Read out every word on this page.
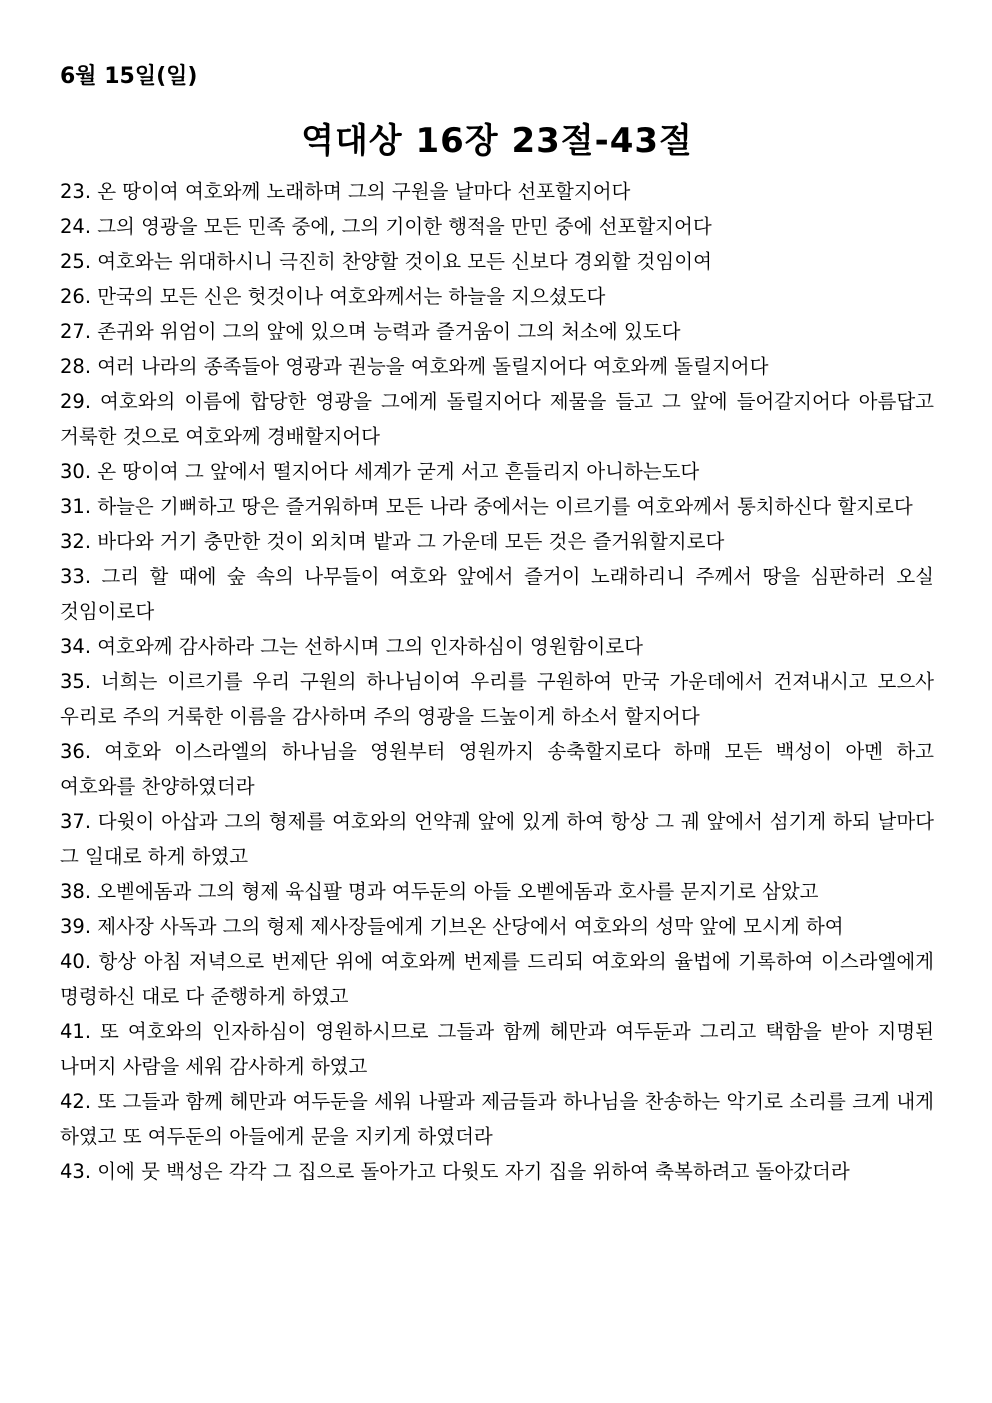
6월 15일(일)

역대상 16장 23절-43절

23. 온 땅이여 여호와께 노래하며 그의 구원을 날마다 선포할지어다

24. 그의 영광을 모든 민족 중에, 그의 기이한 행적을 만민 중에 선포할지어다

25. 여호와는 위대하시니 극진히 찬양할 것이요 모든 신보다 경외할 것임이여

26. 만국의 모든 신은 헛것이나 여호와께서는 하늘을 지으셨도다

27. 존귀와 위엄이 그의 앞에 있으며 능력과 즐거움이 그의 처소에 있도다

28. 여러 나라의 종족들아 영광과 권능을 여호와께 돌릴지어다 여호와께 돌릴지어다

29. 여호와의 이름에 합당한 영광을 그에게 돌릴지어다 제물을 들고 그 앞에 들어갈지어다 아름답고 거룩한 것으로 여호와께 경배할지어다

30. 온 땅이여 그 앞에서 떨지어다 세계가 굳게 서고 흔들리지 아니하는도다

31. 하늘은 기뻐하고 땅은 즐거워하며 모든 나라 중에서는 이르기를 여호와께서 통치하신다 할지로다

32. 바다와 거기 충만한 것이 외치며 밭과 그 가운데 모든 것은 즐거워할지로다

33. 그리 할 때에 숲 속의 나무들이 여호와 앞에서 즐거이 노래하리니 주께서 땅을 심판하러 오실 것임이로다

34. 여호와께 감사하라 그는 선하시며 그의 인자하심이 영원함이로다

35. 너희는 이르기를 우리 구원의 하나님이여 우리를 구원하여 만국 가운데에서 건져내시고 모으사 우리로 주의 거룩한 이름을 감사하며 주의 영광을 드높이게 하소서 할지어다

36. 여호와 이스라엘의 하나님을 영원부터 영원까지 송축할지로다 하매 모든 백성이 아멘 하고 여호와를 찬양하였더라

37. 다윗이 아삽과 그의 형제를 여호와의 언약궤 앞에 있게 하여 항상 그 궤 앞에서 섬기게 하되 날마다 그 일대로 하게 하였고

38. 오벧에돔과 그의 형제 육십팔 명과 여두둔의 아들 오벧에돔과 호사를 문지기로 삼았고

39. 제사장 사독과 그의 형제 제사장들에게 기브온 산당에서 여호와의 성막 앞에 모시게 하여

40. 항상 아침 저녁으로 번제단 위에 여호와께 번제를 드리되 여호와의 율법에 기록하여 이스라엘에게 명령하신 대로 다 준행하게 하였고

41. 또 여호와의 인자하심이 영원하시므로 그들과 함께 헤만과 여두둔과 그리고 택함을 받아 지명된 나머지 사람을 세워 감사하게 하였고

42. 또 그들과 함께 헤만과 여두둔을 세워 나팔과 제금들과 하나님을 찬송하는 악기로 소리를 크게 내게 하였고 또 여두둔의 아들에게 문을 지키게 하였더라

43. 이에 뭇 백성은 각각 그 집으로 돌아가고 다윗도 자기 집을 위하여 축복하려고 돌아갔더라
